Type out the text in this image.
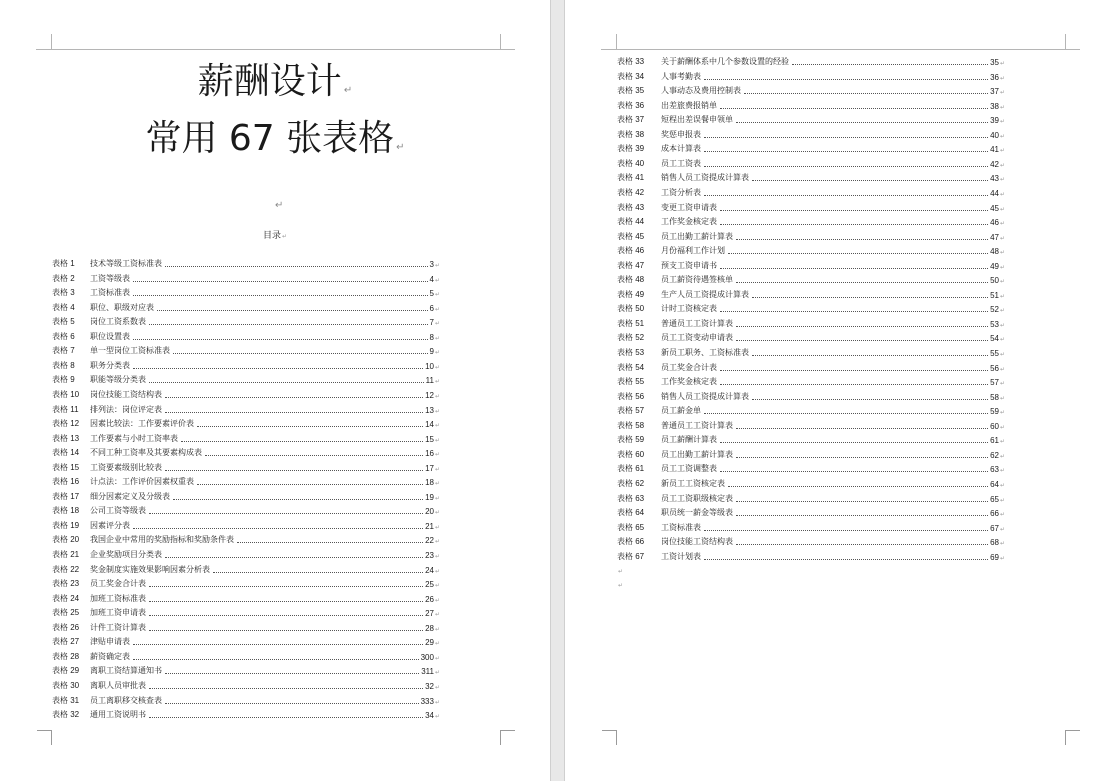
薪酬设计 ↵
常用 67 张表格 ↵
↵
目录↵
表格 1	技术等级工资标准表	3 ↵
表格 2	工资等级表	4 ↵
表格 3	工资标准表	5 ↵
表格 4	职位、职级对应表	6 ↵
表格 5	岗位工资系数表	7 ↵
表格 6	职位设置表	8 ↵
表格 7	单一型岗位工资标准表	9 ↵
表格 8	职务分类表	10 ↵
表格 9	职能等级分类表	11 ↵
表格 10 岗位技能工资结构表	12 ↵
表格 11 排列法：岗位评定表	13 ↵
表格 12 因素比较法：工作要素评价表	14 ↵
表格 13 工作要素与小时工资率表	15 ↵
表格 14 不同工种工资率及其要素构成表	16 ↵
表格 15 工资要素级别比较表	17 ↵
表格 16 计点法：工作评价因素权重表	18 ↵
表格 17 细分因素定义及分级表	19 ↵
表格 18 公司工资等级表	20 ↵
表格 19 因素评分表	21 ↵
表格 20 我国企业中常用的奖励指标和奖励条件表	22 ↵
表格 21 企业奖励项目分类表	23 ↵
表格 22 奖金制度实施效果影响因素分析表	24 ↵
表格 23 员工奖金合计表	25 ↵
表格 24 加班工资标准表	26 ↵
表格 25 加班工资申请表	27 ↵
表格 26 计件工资计算表	28 ↵
表格 27 津贴申请表	29 ↵
表格 28 薪资确定表	300 ↵
表格 29 离职工资结算通知书	311 ↵
表格 30 离职人员审批表	32 ↵
表格 31 员工离职移交核查表	333 ↵
表格 32 通用工资说明书	34 ↵
表格 33	关于薪酬体系中几个参数设置的经验	35 ↵
表格 34	人事考勤表	36 ↵
表格 35	人事动态及费用控制表	37 ↵
表格 36	出差旅费报销单	38 ↵
表格 37	短程出差误餐申领单	39 ↵
表格 38	奖惩申报表	40 ↵
表格 39	成本计算表	41 ↵
表格 40	员工工资表	42 ↵
表格 41	销售人员工资提成计算表	43 ↵
表格 42	工资分析表	44 ↵
表格 43	变更工资申请表	45 ↵
表格 44	工作奖金核定表	46 ↵
表格 45	员工出勤工薪计算表	47 ↵
表格 46	月份福利工作计划	48 ↵
表格 47	预支工资申请书	49 ↵
表格 48	员工薪资待遇签核单	50 ↵
表格 49	生产人员工资提成计算表	51 ↵
表格 50	计时工资核定表	52 ↵
表格 51	普通员工工资计算表	53 ↵
表格 52	员工工资变动申请表	54 ↵
表格 53	新员工职务、工资标准表	55 ↵
表格 54	员工奖金合计表	56 ↵
表格 55	工作奖金核定表	57 ↵
表格 56	销售人员工资提成计算表	58 ↵
表格 57	员工薪金单	59 ↵
表格 58	普通员工工资计算表	60 ↵
表格 59	员工薪酬计算表	61 ↵
表格 60	员工出勤工薪计算表	62 ↵
表格 61	员工工资调整表	63 ↵
表格 62	新员工工资核定表	64 ↵
表格 63	员工工资职级核定表	65 ↵
表格 64	职员统一薪金等级表	66 ↵
表格 65	工资标准表	67 ↵
表格 66	岗位技能工资结构表	68 ↵
表格 67	工资计划表	69 ↵
↵
↵
